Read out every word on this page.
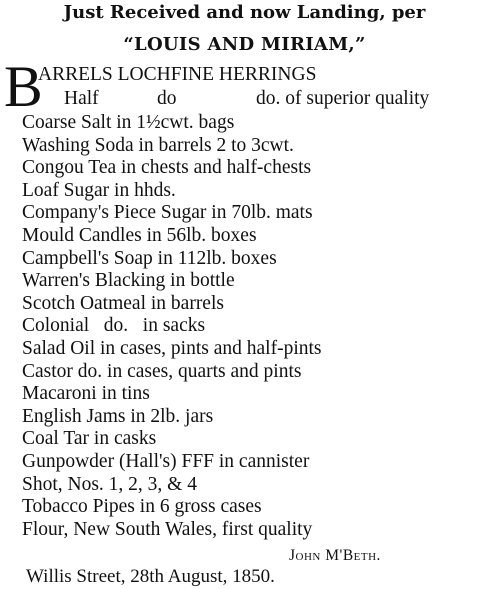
Just Received and now Landing, per
“LOUIS AND MIRIAM,”
B
ARRELS LOCHFINE HERRINGS
Half	do	do. of superior quality
Coarse Salt in 1½cwt. bags
Washing Soda in barrels 2 to 3cwt.
Congou Tea in chests and half-chests
Loaf Sugar in hhds.
Company's Piece Sugar in 70lb. mats
Mould Candles in 56lb. boxes
Campbell's Soap in 112lb. boxes
Warren's Blacking in bottle
Scotch Oatmeal in barrels
Colonial   do.   in sacks
Salad Oil in cases, pints and half-pints
Castor do. in cases, quarts and pints
Macaroni in tins
English Jams in 2lb. jars
Coal Tar in casks
Gunpowder (Hall's) FFF in cannister
Shot, Nos. 1, 2, 3, & 4
Tobacco Pipes in 6 gross cases
Flour, New South Wales, first quality
John M'Beth.
Willis Street, 28th August, 1850.
